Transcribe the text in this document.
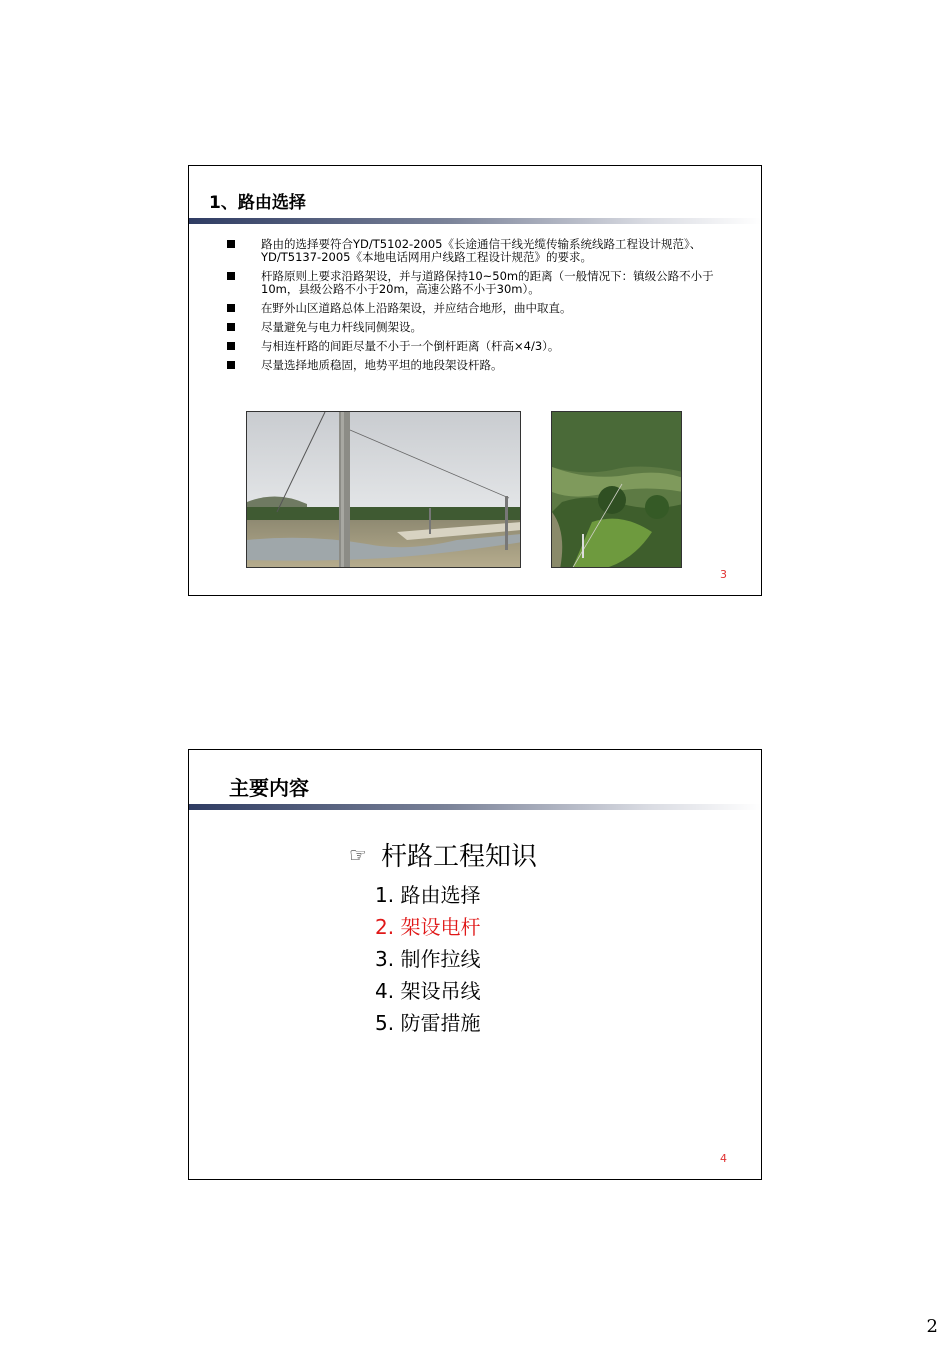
1、路由选择
路由的选择要符合YD/T5102-2005《长途通信干线光缆传输系统线路工程设计规范》、YD/T5137-2005《本地电话网用户线路工程设计规范》的要求。
杆路原则上要求沿路架设，并与道路保持10~50m的距离（一般情况下：镇级公路不小于10m，县级公路不小于20m，高速公路不小于30m）。
在野外山区道路总体上沿路架设，并应结合地形，曲中取直。
尽量避免与电力杆线同侧架设。
与相连杆路的间距尽量不小于一个倒杆距离（杆高×4/3）。
尽量选择地质稳固，地势平坦的地段架设杆路。
3
主要内容
☞ 杆路工程知识
1. 路由选择
2. 架设电杆
3. 制作拉线
4. 架设吊线
5. 防雷措施
4
2
